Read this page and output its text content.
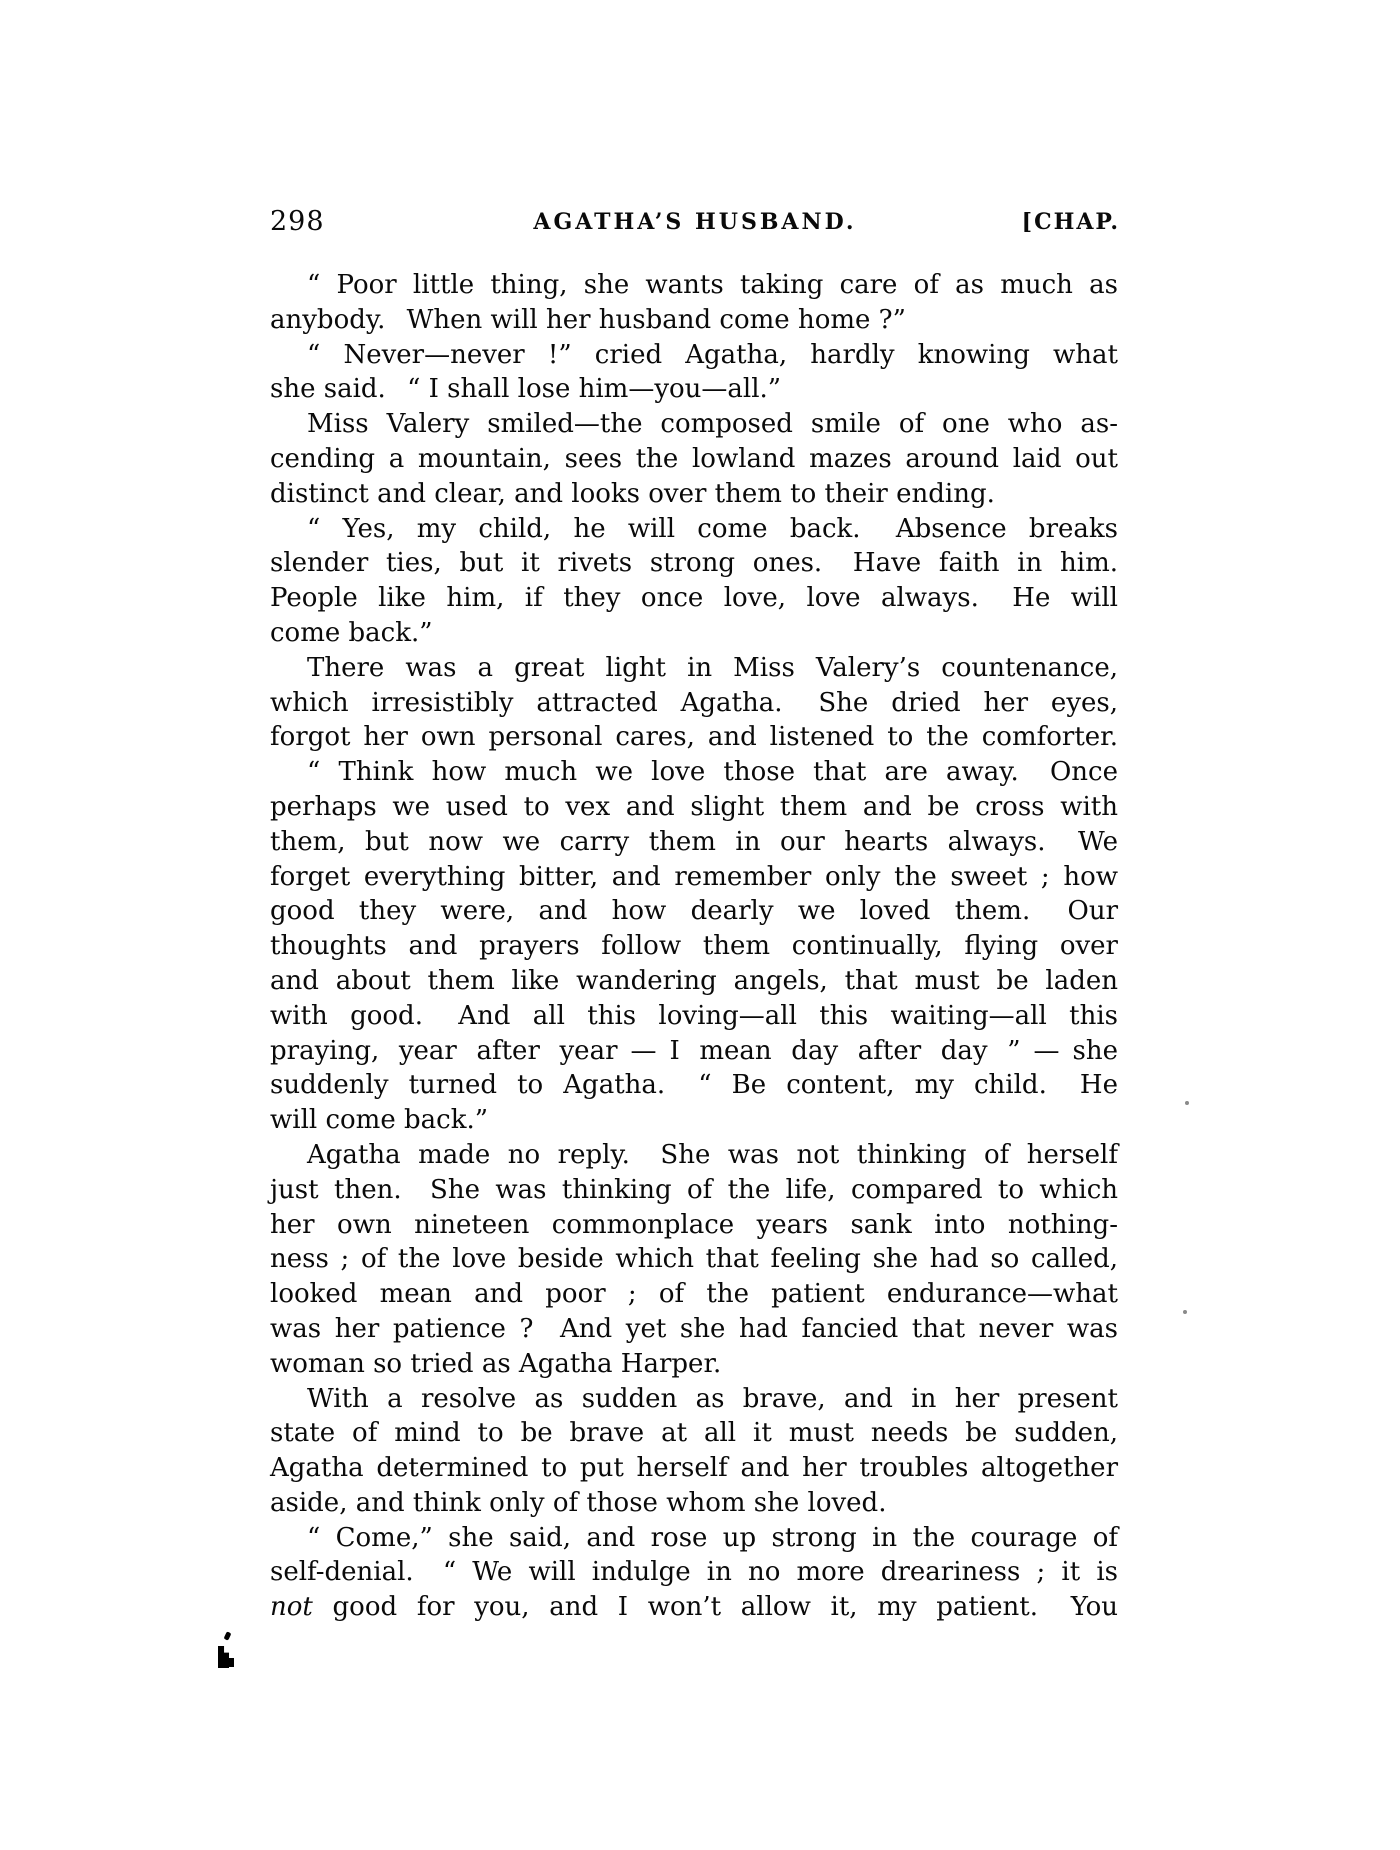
298	AGATHA’S HUSBAND.	[CHAP.
“ Poor little thing, she wants taking care of as much as
anybody.  When will her husband come home ?”
“ Never—never !” cried Agatha, hardly knowing what
she said.  “ I shall lose him—you—all.”
Miss Valery smiled—the composed smile of one who as-
cending a mountain, sees the lowland mazes around laid out
distinct and clear, and looks over them to their ending.
“ Yes, my child, he will come back.  Absence breaks
slender ties, but it rivets strong ones.  Have faith in him.
People like him, if they once love, love always.  He will
come back.”
There was a great light in Miss Valery’s countenance,
which irresistibly attracted Agatha.  She dried her eyes,
forgot her own personal cares, and listened to the comforter.
“ Think how much we love those that are away.  Once
perhaps we used to vex and slight them and be cross with
them, but now we carry them in our hearts always.  We
forget everything bitter, and remember only the sweet ; how
good they were, and how dearly we loved them.  Our
thoughts and prayers follow them continually, flying over
and about them like wandering angels, that must be laden
with good.  And all this loving—all this waiting—all this
praying, year after year — I mean day after day ” — she
suddenly turned to Agatha.  “ Be content, my child.  He
will come back.”
Agatha made no reply.  She was not thinking of herself
just then.  She was thinking of the life, compared to which
her own nineteen commonplace years sank into nothing-
ness ; of the love beside which that feeling she had so called,
looked mean and poor ; of the patient endurance—what
was her patience ?  And yet she had fancied that never was
woman so tried as Agatha Harper.
With a resolve as sudden as brave, and in her present
state of mind to be brave at all it must needs be sudden,
Agatha determined to put herself and her troubles altogether
aside, and think only of those whom she loved.
“ Come,” she said, and rose up strong in the courage of
self-denial.  “ We will indulge in no more dreariness ; it is
not good for you, and I won’t allow it, my patient.  You
